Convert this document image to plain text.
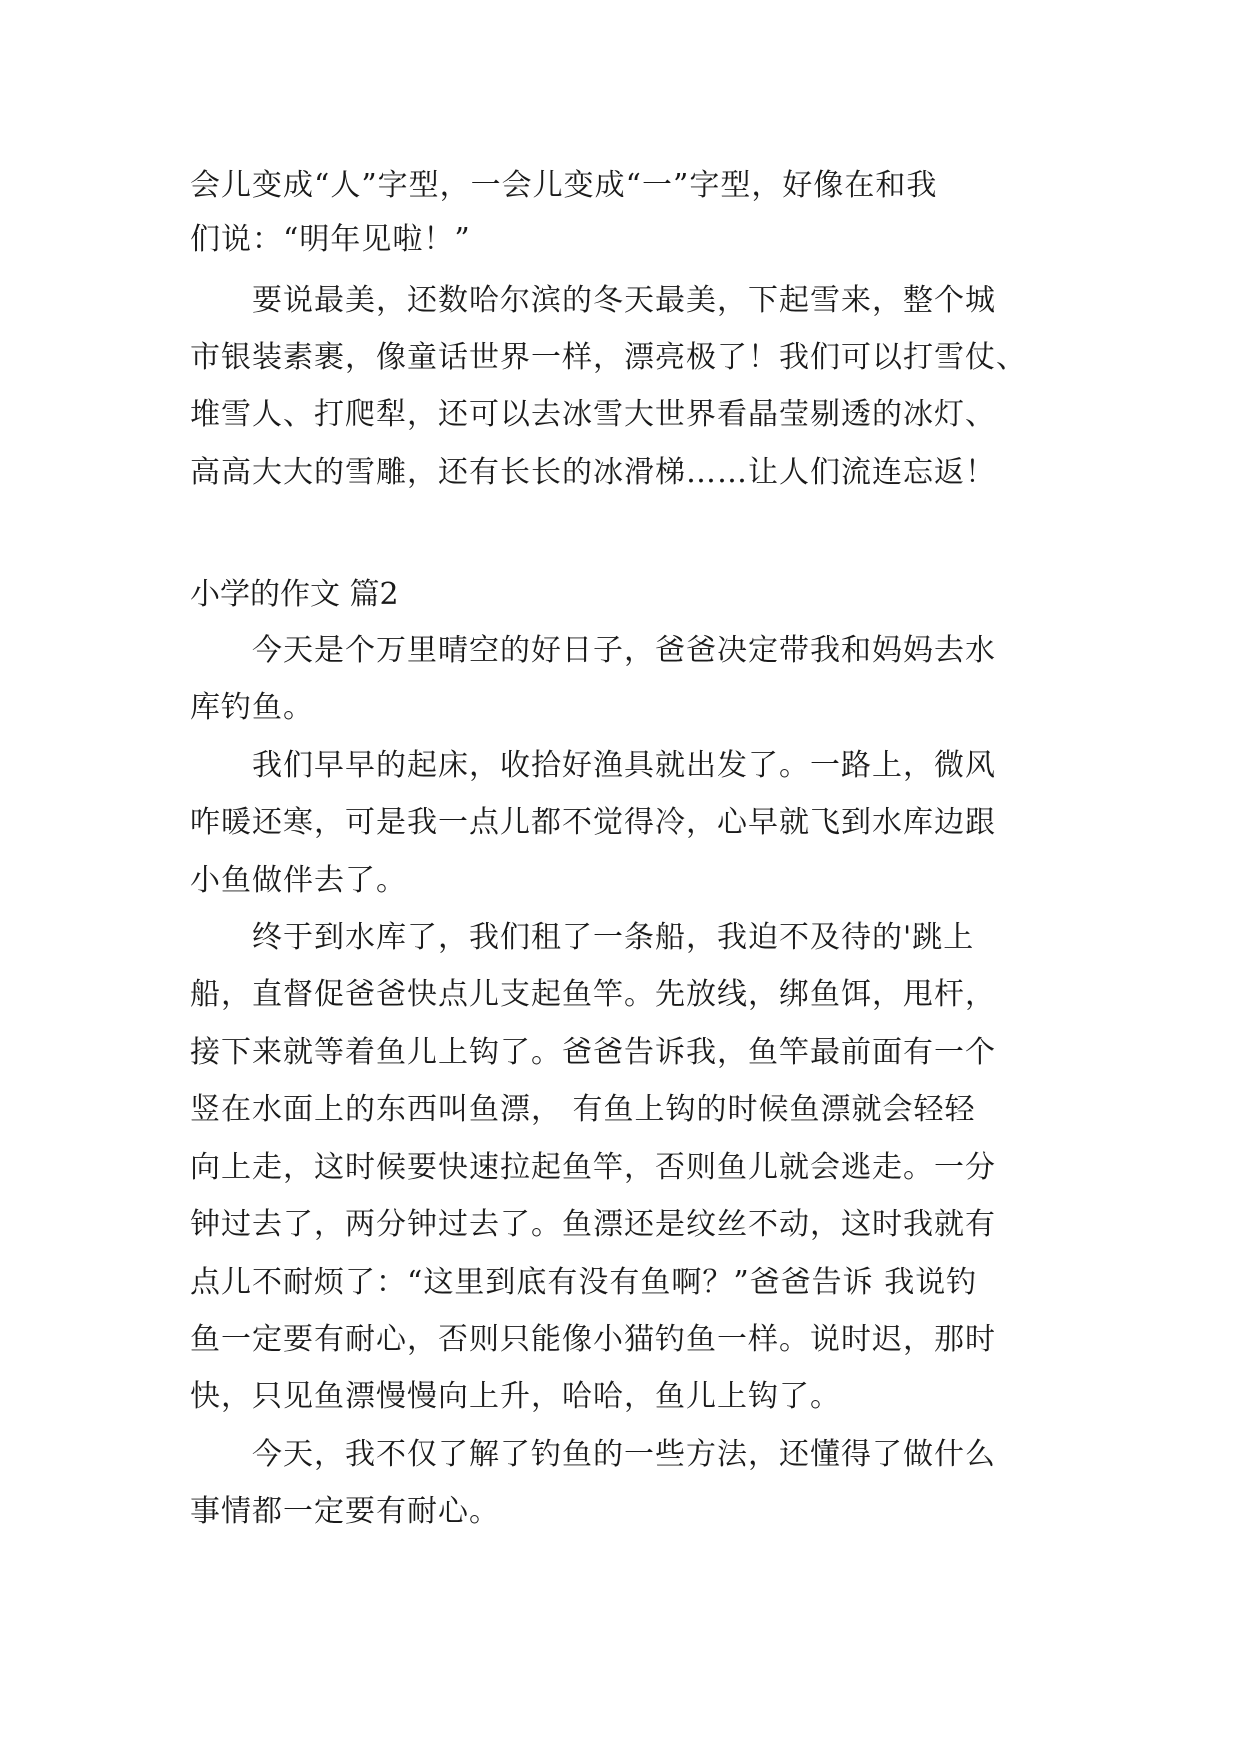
会儿变成“人”字型，一会儿变成“一”字型，好像在和我
们说：“明年见啦！”
要说最美，还数哈尔滨的冬天最美，下起雪来，整个城
市银装素裹，像童话世界一样，漂亮极了！我们可以打雪仗、
堆雪人、打爬犁，还可以去冰雪大世界看晶莹剔透的冰灯、
高高大大的雪雕，还有长长的冰滑梯……让人们流连忘返！
小学的作文 篇2
今天是个万里晴空的好日子，爸爸决定带我和妈妈去水
库钓鱼。
我们早早的起床，收拾好渔具就出发了。一路上，微风
咋暖还寒，可是我一点儿都不觉得冷，心早就飞到水库边跟
小鱼做伴去了。
终于到水库了，我们租了一条船，我迫不及待的'跳上
船，直督促爸爸快点儿支起鱼竿。先放线，绑鱼饵，甩杆，
接下来就等着鱼儿上钩了。爸爸告诉我，鱼竿最前面有一个
竖在水面上的东西叫鱼漂， 有鱼上钩的时候鱼漂就会轻轻
向上走，这时候要快速拉起鱼竿，否则鱼儿就会逃走。一分
钟过去了，两分钟过去了。鱼漂还是纹丝不动，这时我就有
点儿不耐烦了：“这里到底有没有鱼啊？”爸爸告诉 我说钓
鱼一定要有耐心，否则只能像小猫钓鱼一样。说时迟，那时
快，只见鱼漂慢慢向上升，哈哈，鱼儿上钩了。
今天，我不仅了解了钓鱼的一些方法，还懂得了做什么
事情都一定要有耐心。
